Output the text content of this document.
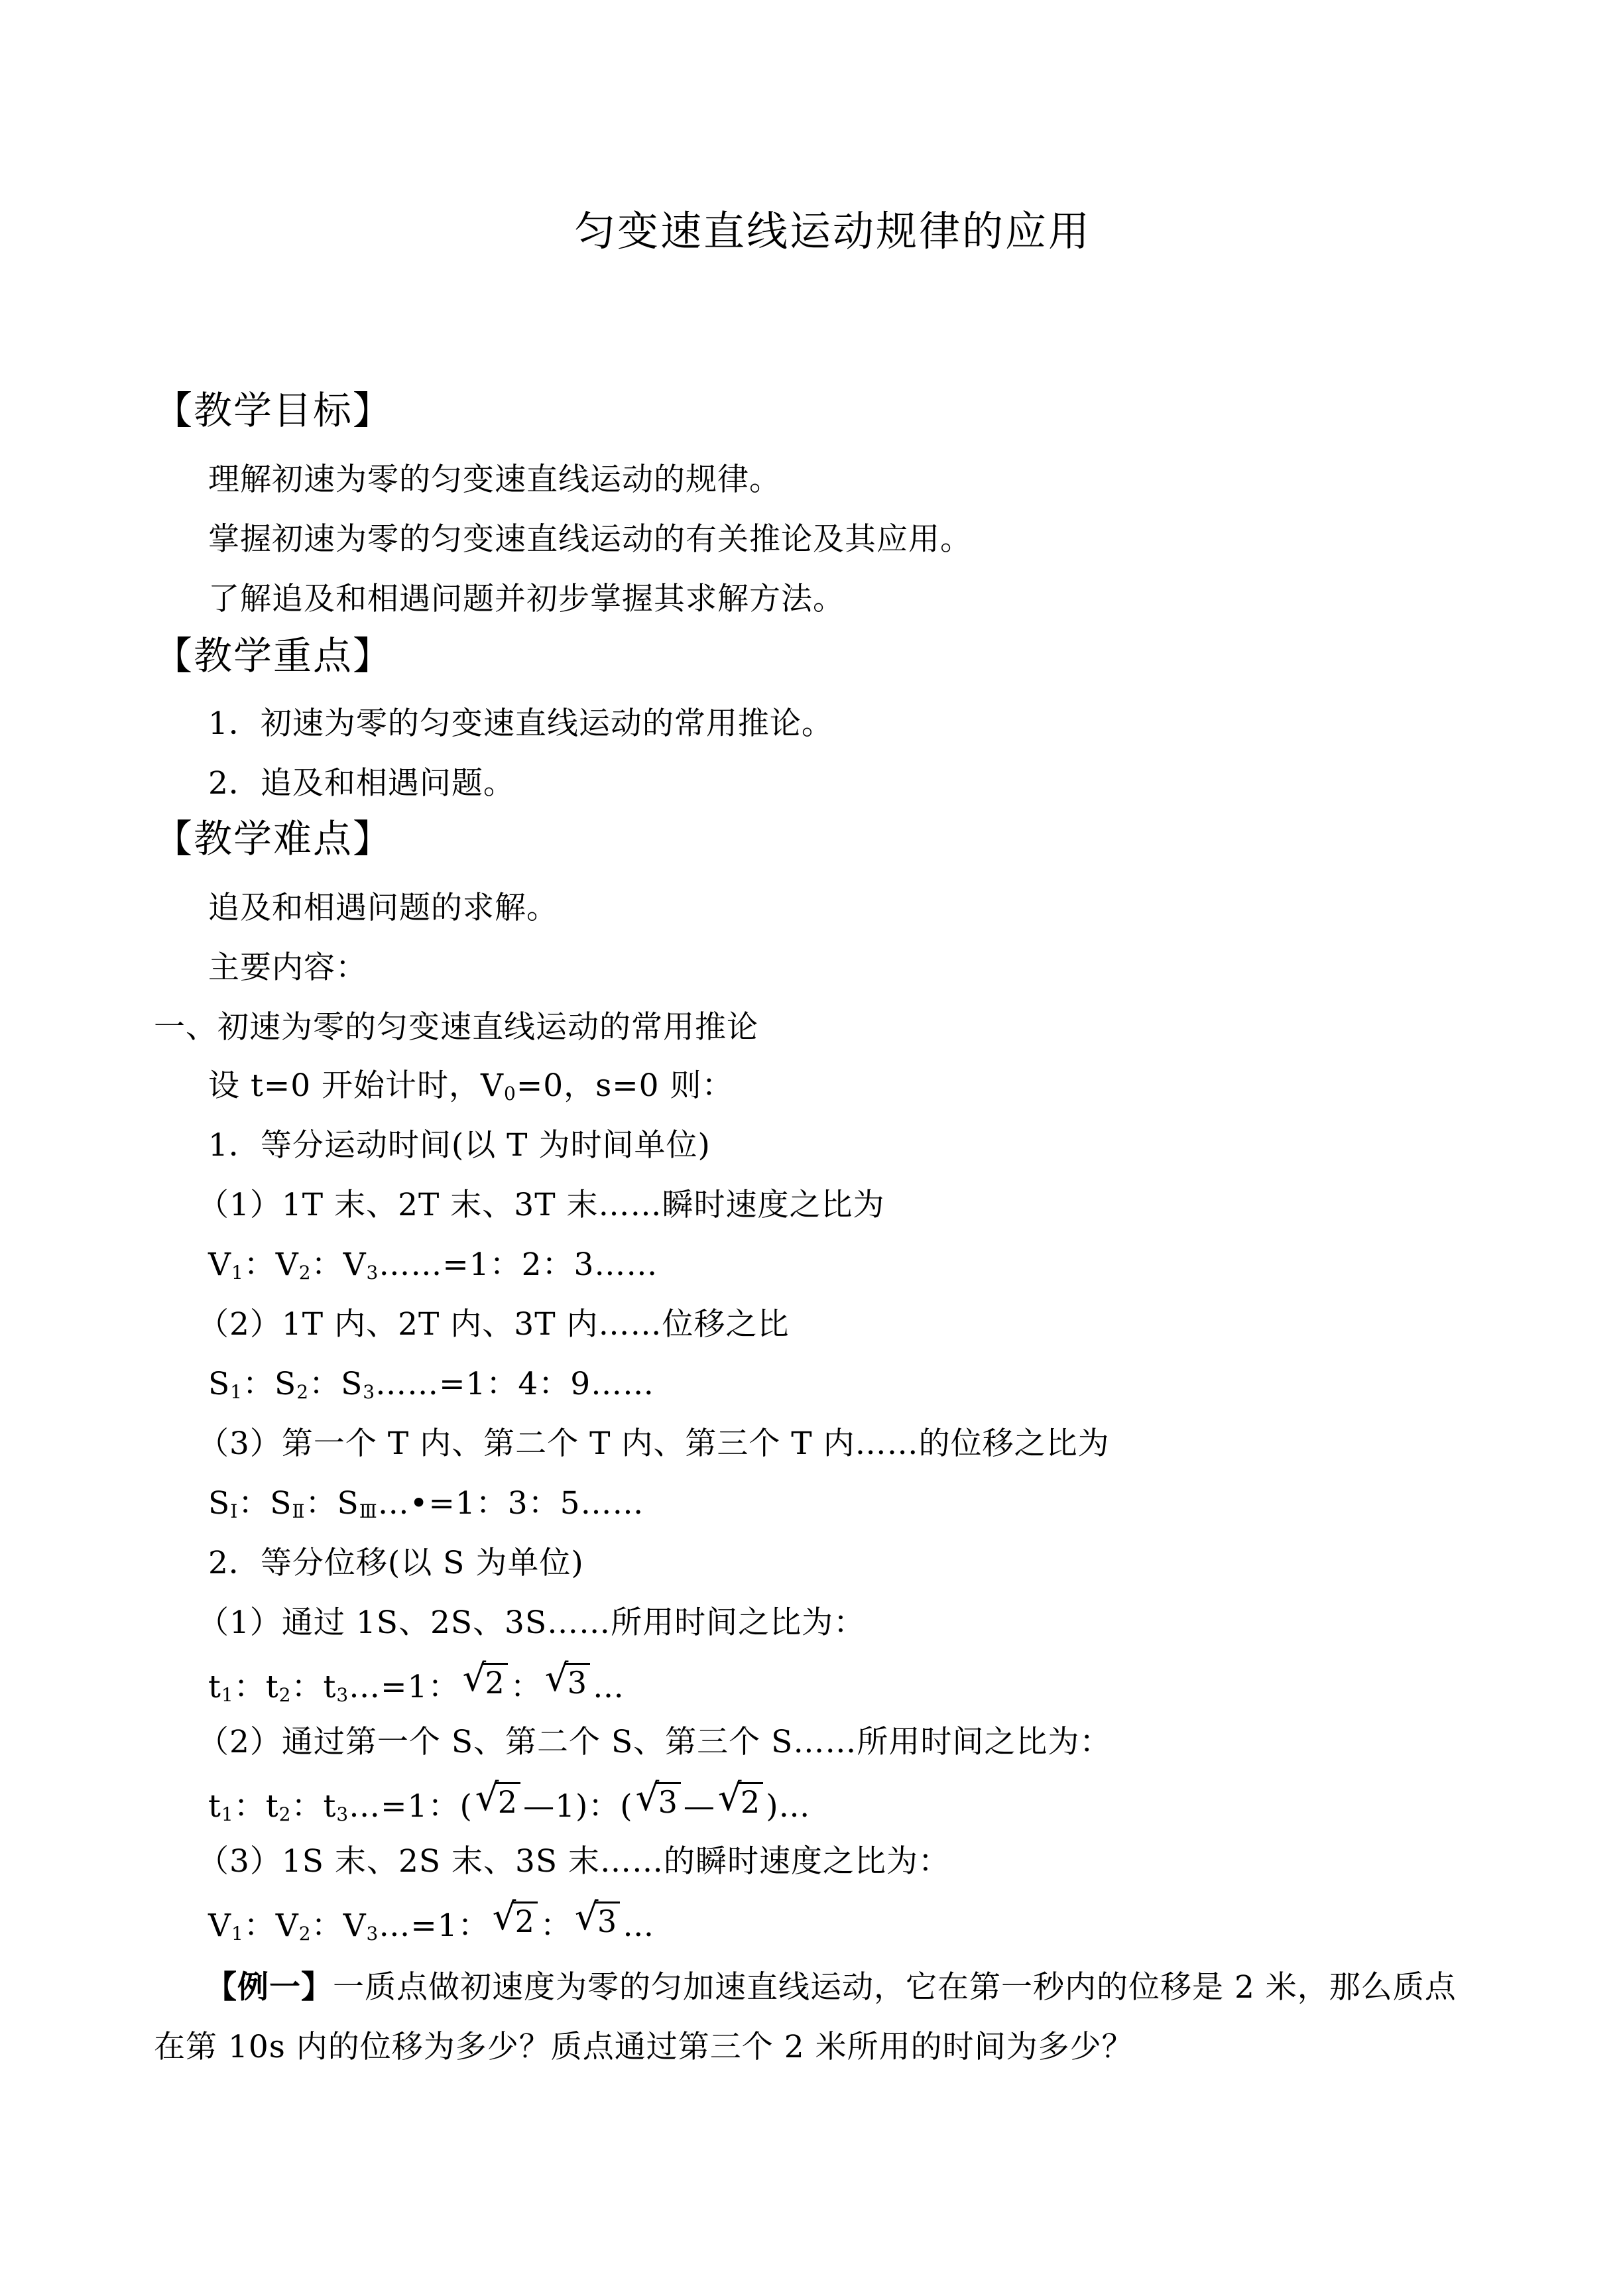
匀变速直线运动规律的应用
【教学目标】
理解初速为零的匀变速直线运动的规律。
掌握初速为零的匀变速直线运动的有关推论及其应用。
了解追及和相遇问题并初步掌握其求解方法。
【教学重点】
1．初速为零的匀变速直线运动的常用推论。
2．追及和相遇问题。
【教学难点】
追及和相遇问题的求解。
主要内容：
一、初速为零的匀变速直线运动的常用推论
设 t=0 开始计时，$V_0=0$，s=0 则：
1．等分运动时间(以 T 为时间单位)
（1）1T 末、2T 末、3T 末……瞬时速度之比为
$V_1$：$V_2$：$V_3\dots\dots=1$：2：3……
（2）1T 内、2T 内、3T 内……位移之比
$S_1$：$S_2$：$S_3\dots\dots=1$：4：9……
（3）第一个 T 内、第二个 T 内、第三个 T 内……的位移之比为
$S_Ⅰ$：$S_Ⅱ$：$S_Ⅲ\dots•=1$：3：5……
2．等分位移(以 S 为单位)
（1）通过 1S、2S、3S……所用时间之比为：
$t_1$：$t_2$：$t_3\dots=1$： √
2 ： √
3 …
（2）通过第一个 S、第二个 S、第三个 S……所用时间之比为：
$t_1$：$t_2$：$t_3\dots=1$：( √
2 —1)：( √
3 — √
2 )…
（3）1S 末、2S 末、3S 末……的瞬时速度之比为：
$V_1$：$V_2$：$V_3\dots=1$： √
2 ： √
3 …
【例一】一质点做初速度为零的匀加速直线运动，它在第一秒内的位移是 2 米，那么质点
在第 10s 内的位移为多少？质点通过第三个 2 米所用的时间为多少？
